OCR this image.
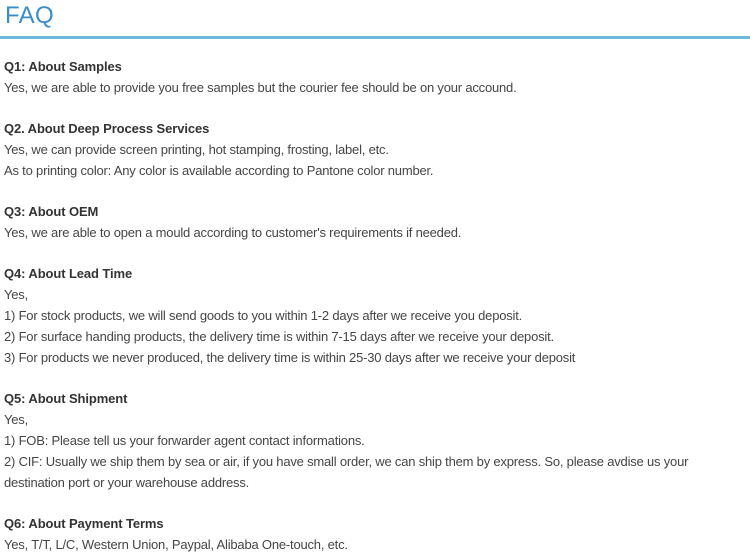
FAQ

Q1: About Samples

Yes, we are able to provide you free samples but the courier fee should be on your accound.

Q2. About Deep Process Services

Yes, we can provide screen printing, hot stamping, frosting, label, etc.

As to printing color: Any color is available according to Pantone color number.

Q3: About OEM

Yes, we are able to open a mould according to customer's requirements if needed.

Q4: About Lead Time

Yes,

1) For stock products, we will send goods to you within 1-2 days after we receive you deposit.

2) For surface handing products, the delivery time is within 7-15 days after we receive your deposit.

3) For products we never produced, the delivery time is within 25-30 days after we receive your deposit

Q5: About Shipment

Yes,

1) FOB: Please tell us your forwarder agent contact informations.

2) CIF: Usually we ship them by sea or air, if you have small order, we can ship them by express. So, please avdise us your destination port or your warehouse address.

Q6: About Payment Terms

Yes, T/T, L/C, Western Union, Paypal, Alibaba One-touch, etc.
